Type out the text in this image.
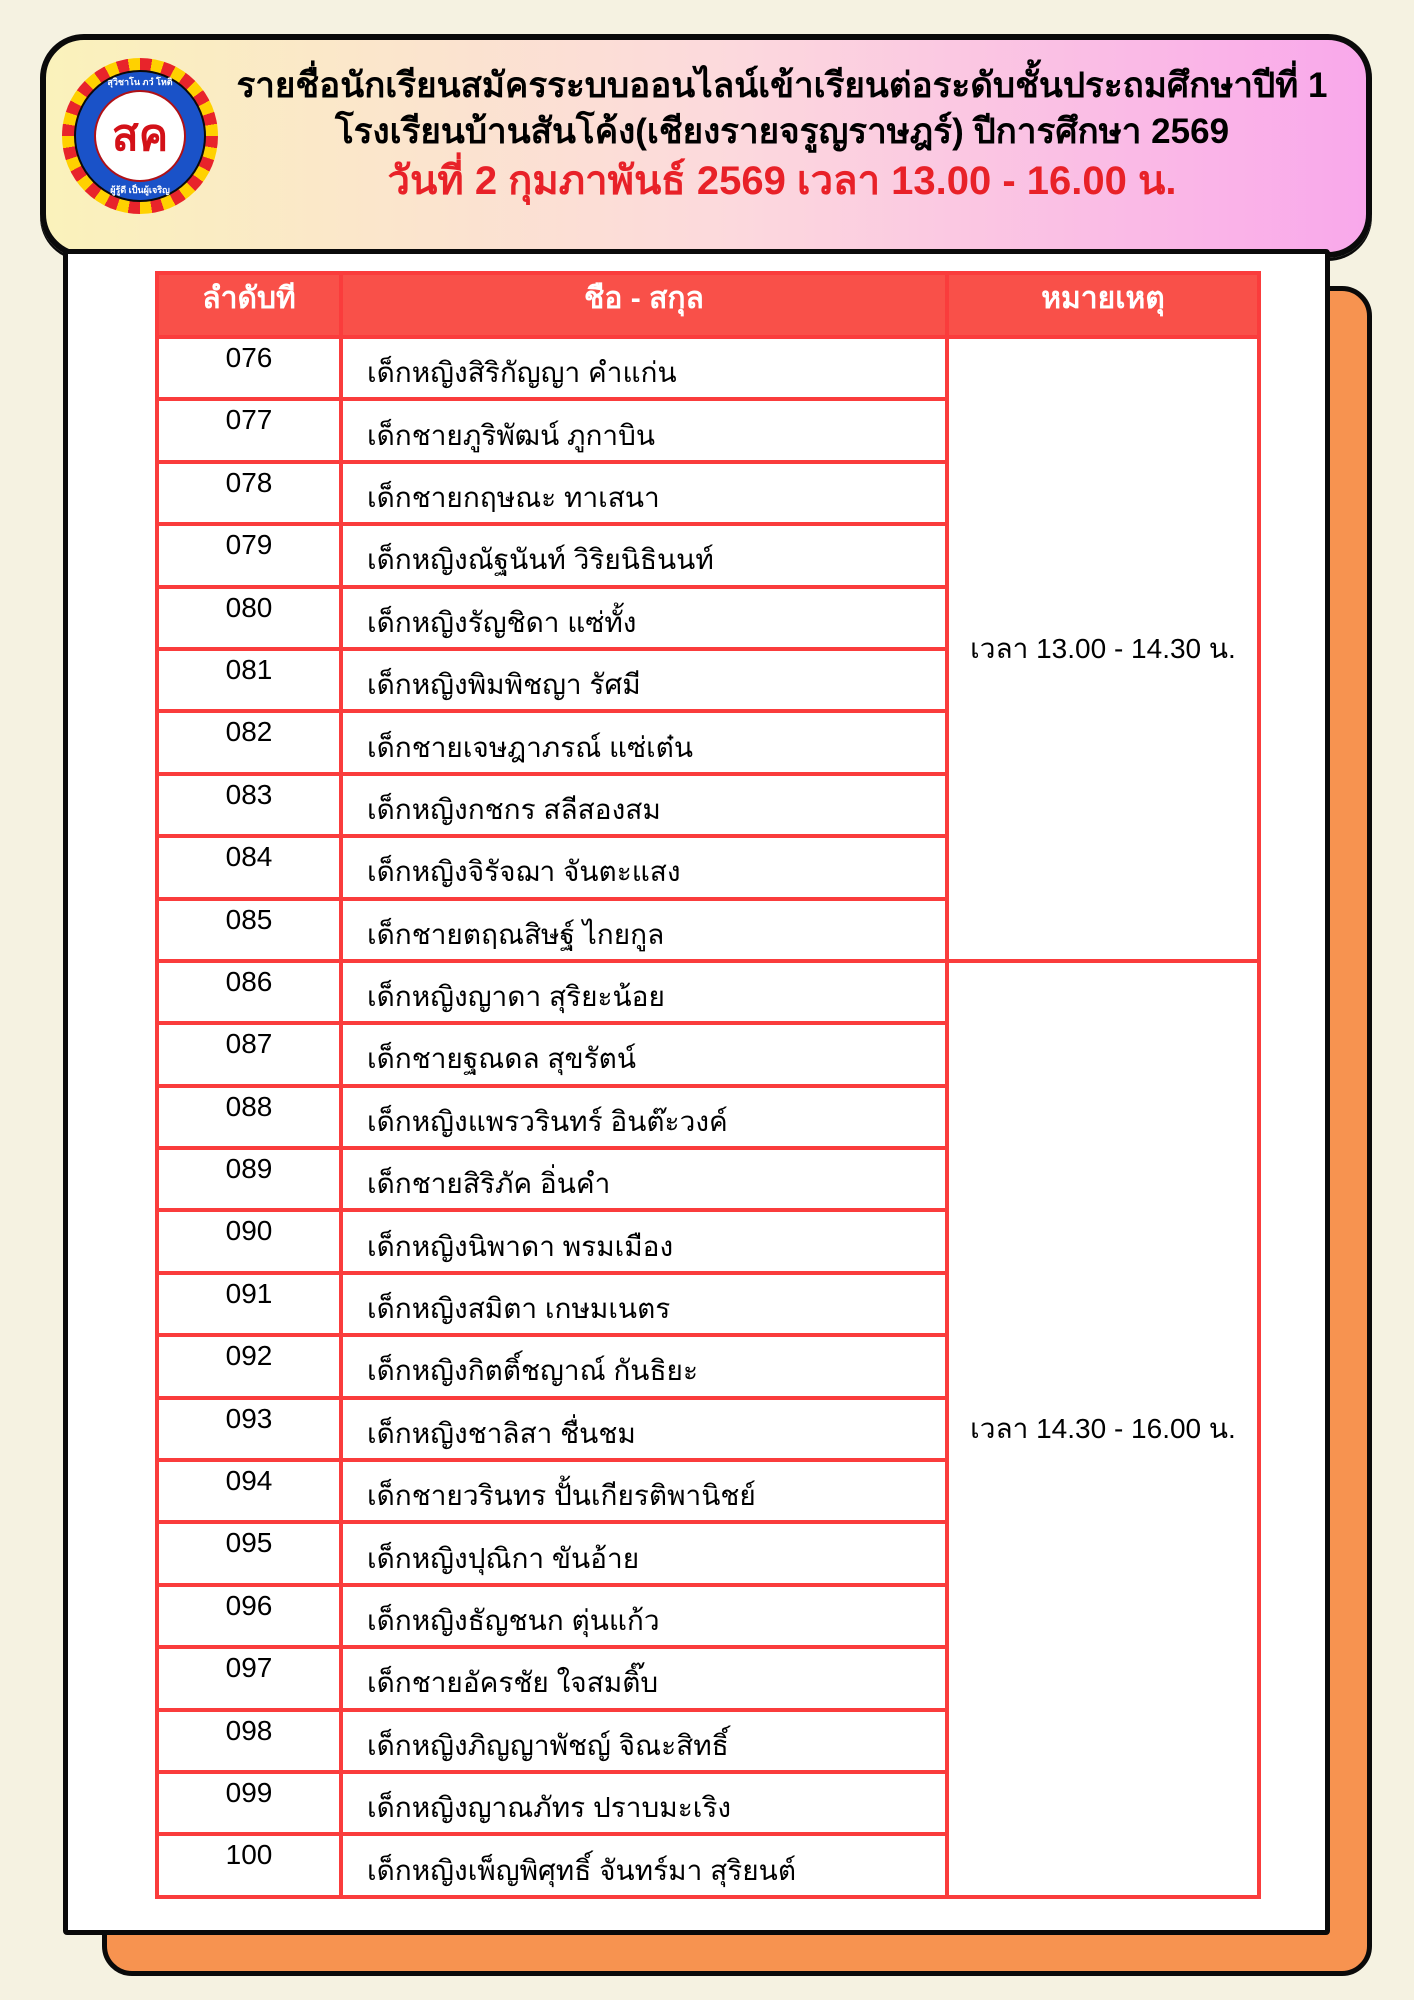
สุวิชาโน ภวํ โหติ
สค
ผู้รู้ดี เป็นผู้เจริญ
รายชื่อนักเรียนสมัครระบบออนไลน์เข้าเรียนต่อระดับชั้นประถมศึกษาปีที่ 1
โรงเรียนบ้านสันโค้ง(เชียงรายจรูญราษฎร์) ปีการศึกษา 2569
วันที่ 2 กุมภาพันธ์ 2569 เวลา 13.00 - 16.00 น.
ลำดับที	ชือ - สกุล	หมายเหตุ
076	เด็กหญิงสิริกัญญา คำแก่น
077	เด็กชายภูริพัฒน์ ภูกาบิน
078	เด็กชายกฤษณะ ทาเสนา
079	เด็กหญิงณัฐนันท์ วิริยนิธินนท์
080	เด็กหญิงรัญชิดา แซ่ทั้ง
081	เด็กหญิงพิมพิชญา รัศมี
082	เด็กชายเจษฎาภรณ์ แซ่เต๋น
083	เด็กหญิงกชกร สลีสองสม
084	เด็กหญิงจิรัจฌา จันตะแสง
085	เด็กชายตฤณสิษฐ์ ไกยกูล
เวลา 13.00 - 14.30 น.
086	เด็กหญิงญาดา สุริยะน้อย
087	เด็กชายฐณดล สุขรัตน์
088	เด็กหญิงแพรวรินทร์ อินต๊ะวงค์
089	เด็กชายสิริภัค อิ่นคำ
090	เด็กหญิงนิพาดา พรมเมือง
091	เด็กหญิงสมิตา เกษมเนตร
092	เด็กหญิงกิตติ์ชญาณ์ กันธิยะ
093	เด็กหญิงชาลิสา ชื่นชม
094	เด็กชายวรินทร ปั้นเกียรติพานิชย์
095	เด็กหญิงปุณิกา ขันอ้าย
096	เด็กหญิงธัญชนก ตุ่นแก้ว
097	เด็กชายอัครชัย ใจสมติ๊บ
098	เด็กหญิงภิญญาพัชญ์ จิณะสิทธิ์
099	เด็กหญิงญาณภัทร ปราบมะเริง
100	เด็กหญิงเพ็ญพิศุทธิ์ จันทร์มา สุริยนต์
เวลา 14.30 - 16.00 น.
